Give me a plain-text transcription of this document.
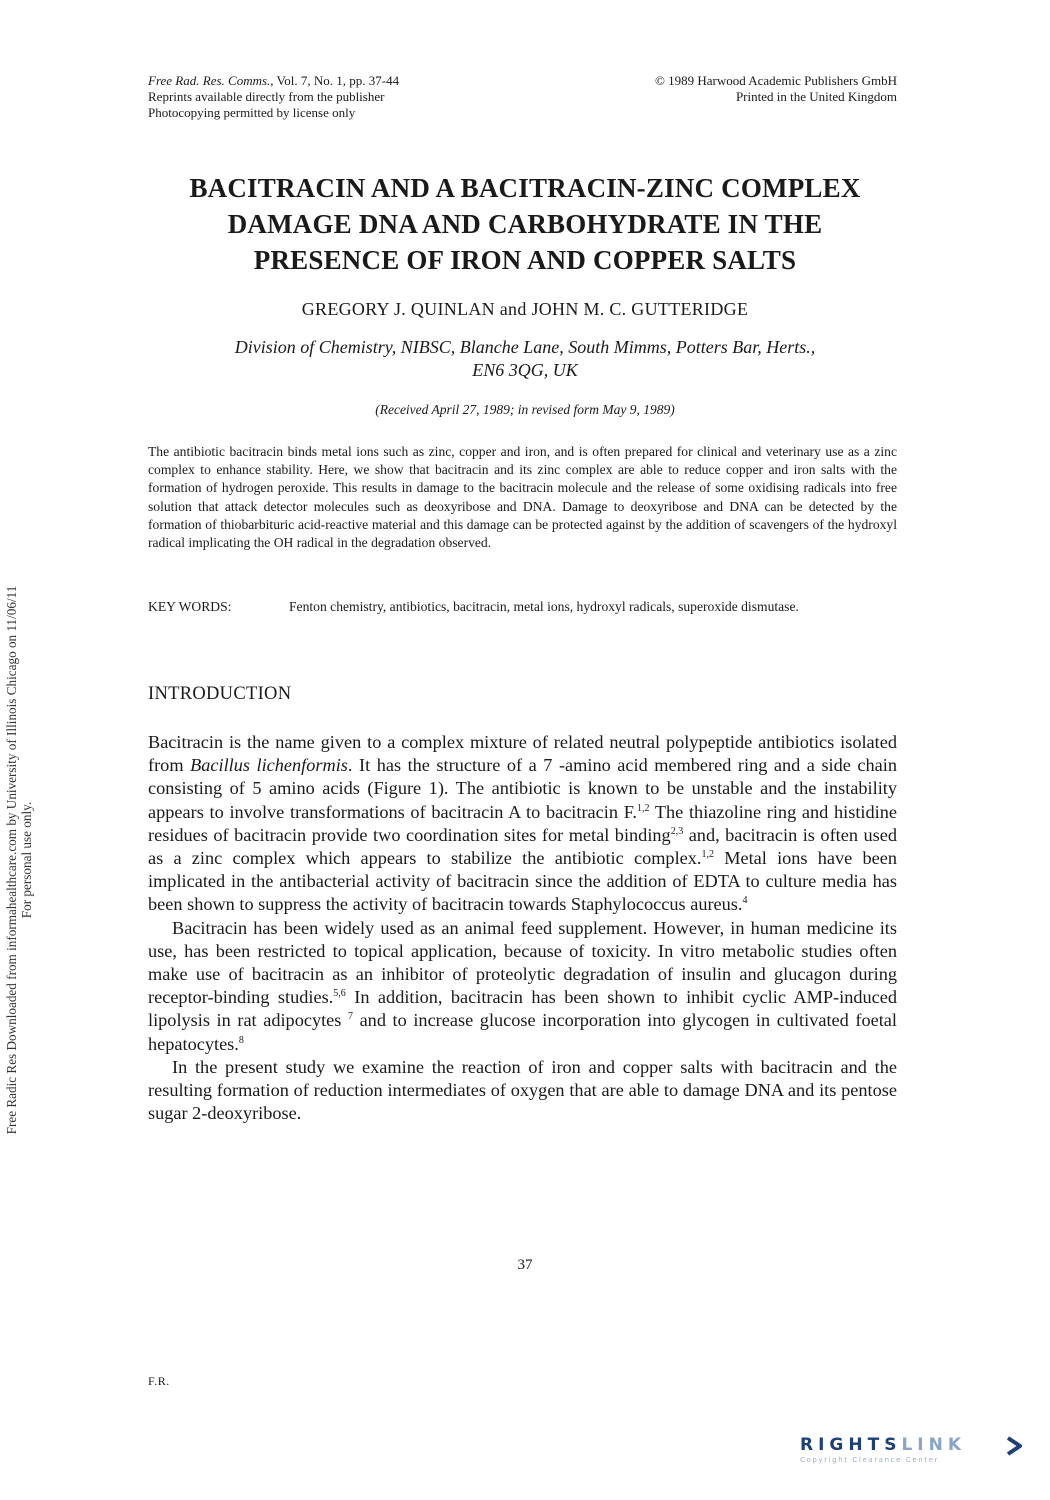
Free Rad. Res. Comms., Vol. 7, No. 1, pp. 37-44
Reprints available directly from the publisher
Photocopying permitted by license only
© 1989 Harwood Academic Publishers GmbH
Printed in the United Kingdom
BACITRACIN AND A BACITRACIN-ZINC COMPLEX
DAMAGE DNA AND CARBOHYDRATE IN THE
PRESENCE OF IRON AND COPPER SALTS
GREGORY J. QUINLAN and JOHN M. C. GUTTERIDGE
Division of Chemistry, NIBSC, Blanche Lane, South Mimms, Potters Bar, Herts.,
EN6 3QG, UK
(Received April 27, 1989; in revised form May 9, 1989)
The antibiotic bacitracin binds metal ions such as zinc, copper and iron, and is often prepared for clinical and veterinary use as a zinc complex to enhance stability. Here, we show that bacitracin and its zinc complex are able to reduce copper and iron salts with the formation of hydrogen peroxide. This results in damage to the bacitracin molecule and the release of some oxidising radicals into free solution that attack detector molecules such as deoxyribose and DNA. Damage to deoxyribose and DNA can be detected by the formation of thiobarbituric acid-reactive material and this damage can be protected against by the addition of scavengers of the hydroxyl radical implicating the OH radical in the degradation observed.
KEY WORDS:	Fenton chemistry, antibiotics, bacitracin, metal ions, hydroxyl radicals, superoxide dismutase.
INTRODUCTION

Bacitracin is the name given to a complex mixture of related neutral polypeptide antibiotics isolated from Bacillus lichenformis. It has the structure of a 7 -amino acid membered ring and a side chain consisting of 5 amino acids (Figure 1). The antibiotic is known to be unstable and the instability appears to involve transformations of bacitracin A to bacitracin F.$^{1,2}$ The thiazoline ring and histidine residues of bacitracin provide two coordination sites for metal binding$^{2,3}$ and, bacitracin is often used as a zinc complex which appears to stabilize the antibiotic complex.$^{1,2}$ Metal ions have been implicated in the antibacterial activity of bacitracin since the addition of EDTA to culture media has been shown to suppress the activity of bacitracin towards Staphylococcus aureus.$^4$

Bacitracin has been widely used as an animal feed supplement. However, in human medicine its use, has been restricted to topical application, because of toxicity. In vitro metabolic studies often make use of bacitracin as an inhibitor of proteolytic degradation of insulin and glucagon during receptor-binding studies.$^{5,6}$ In addition, bacitracin has been shown to inhibit cyclic AMP-induced lipolysis in rat adipocytes $^7$ and to increase glucose incorporation into glycogen in cultivated foetal hepatocytes.$^8$

In the present study we examine the reaction of iron and copper salts with bacitracin and the resulting formation of reduction intermediates of oxygen that are able to damage DNA and its pentose sugar 2-deoxyribose.

37
F.R.
Free Radic Res Downloaded from informahealthcare.com by University of Illinois Chicago on 11/06/11 For personal use only.
RIGHTSLINK
Copyright Clearance Center
